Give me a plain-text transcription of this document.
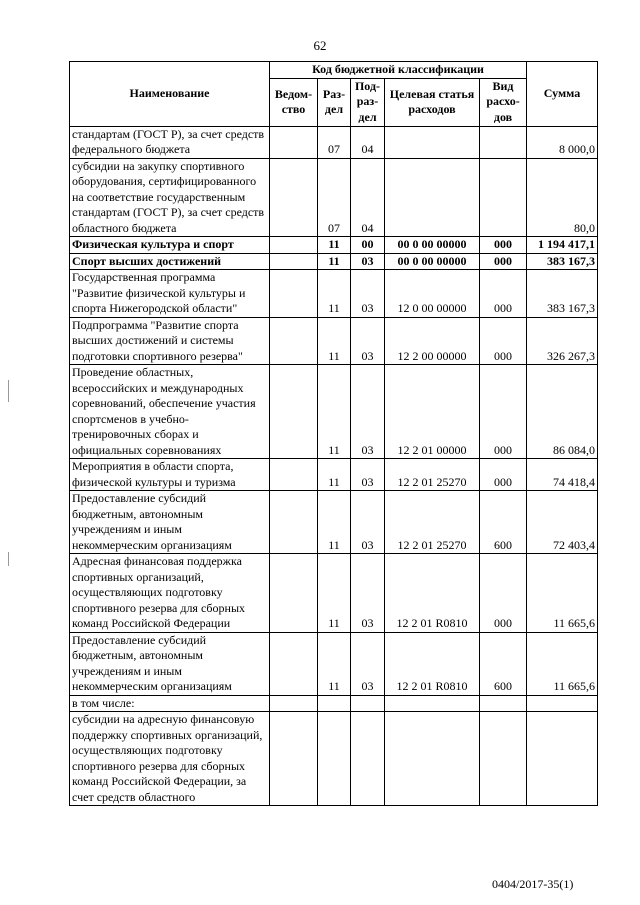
62
Наименование	Код бюджетной классификации					Сумма
	Ведом-ство	Раз-дел	Под-раз-дел	Целевая статья расходов	Вид расхо-дов	
стандартам (ГОСТ Р), за счет средств федерального бюджета		07	04			8 000,0
субсидии на закупку спортивного оборудования, сертифицированного на соответствие государственным стандартам (ГОСТ Р), за счет средств областного бюджета		07	04			80,0
Физическая культура и спорт		11	00	00 0 00 00000	000	1 194 417,1
Спорт высших достижений		11	03	00 0 00 00000	000	383 167,3
Государственная программа "Развитие физической культуры и спорта Нижегородской области"		11	03	12 0 00 00000	000	383 167,3
Подпрограмма "Развитие спорта высших достижений и системы подготовки спортивного резерва"		11	03	12 2 00 00000	000	326 267,3
Проведение областных, всероссийских и международных соревнований, обеспечение участия спортсменов в учебно-тренировочных сборах и официальных соревнованиях		11	03	12 2 01 00000	000	86 084,0
Мероприятия в области спорта, физической культуры и туризма		11	03	12 2 01 25270	000	74 418,4
Предоставление субсидий бюджетным, автономным учреждениям и иным некоммерческим организациям		11	03	12 2 01 25270	600	72 403,4
Адресная финансовая поддержка спортивных организаций, осуществляющих подготовку спортивного резерва для сборных команд Российской Федерации		11	03	12 2 01 R0810	000	11 665,6
Предоставление субсидий бюджетным, автономным учреждениям и иным некоммерческим организациям		11	03	12 2 01 R0810	600	11 665,6
в том числе:						
субсидии на адресную финансовую поддержку спортивных организаций, осуществляющих подготовку спортивного резерва для сборных команд Российской Федерации, за счет средств областного						
0404/2017-35(1)
